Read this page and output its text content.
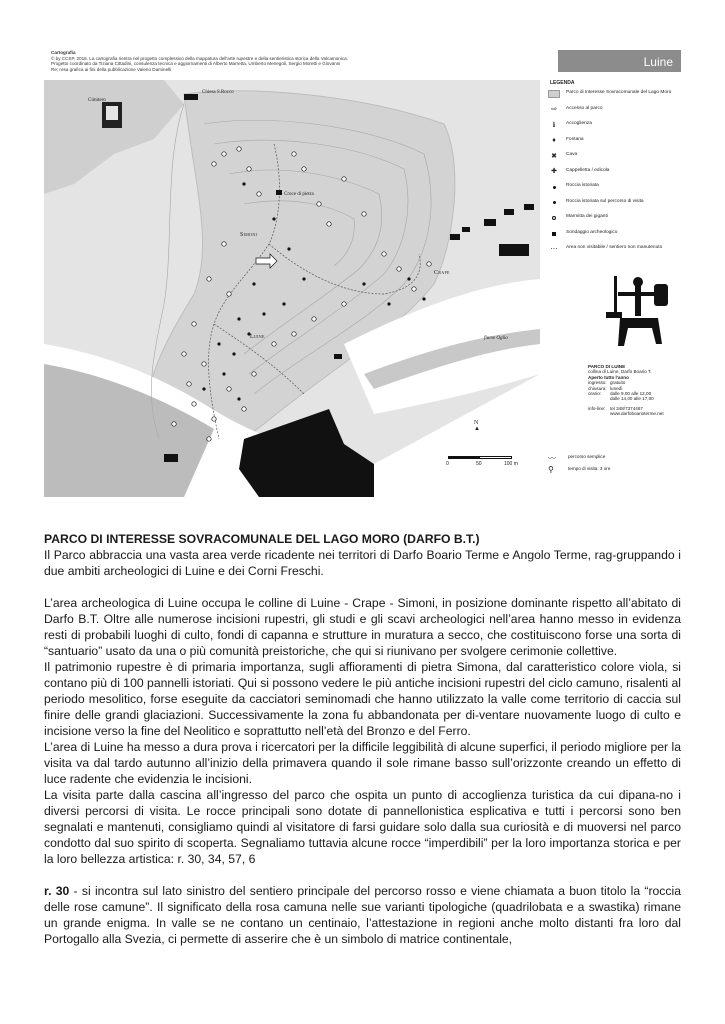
Cartografia
© by CCSP, 2016. La cartografia rientra nel progetto complessivo della mappatura dell'arte rupestre e della sentieristica storica della Valcamonica.
Progetto coordinato da Tiziana Cittadini, consulenza tecnica e aggiornamenti di Alberto Marretta, Umberto Menegoli, Sergio Moretti e Giovanni
Re; resa grafica ai fini della pubblicazione Valerio Daminelli
Cimitero
Chiesa S.Rocco
Croce di pietra
Simoni
Crape
Luine	fiume Oglio
N
▲
0	50	100 m
Luine
LEGENDA
Parco di Interesse Sovracomunale del Lago Moro
⇨	Accesso al parco
ℹ	Accoglienza
♦	Fontana
✖	Cava
✚	Cappelletta / edicola
Roccia istoriata
Roccia istoriata sul percorso di visita
Marmitta dei giganti
Sondaggio archeologico
⋯	Area non visitabile / sentiero non manutenuto
PARCO DI LUINE
collina di Luine, Darfo Boario T.
Aperto tutto l'anno
ingresso: gratuito
chiusura: lunedì
orario:	dalle 9,00 alle 12,00
dalle 14,00 alle 17,00
info-line:	tel 348/7374467
www.darfoboarioterme.net
〰	percorso semplice
⚲	tempo di visita: 3 ore

PARCO DI INTERESSE SOVRACOMUNALE DEL LAGO MORO (DARFO B.T.)

Il Parco abbraccia una vasta area verde ricadente nei territori di Darfo Boario Terme e Angolo Terme, rag-gruppando i due ambiti archeologici di Luine e dei Corni Freschi.

L’area archeologica di Luine occupa le colline di Luine - Crape - Simoni, in posizione dominante rispetto all’abitato di Darfo B.T. Oltre alle numerose incisioni rupestri, gli studi e gli scavi archeologici nell’area hanno messo in evidenza resti di probabili luoghi di culto, fondi di capanna e strutture in muratura a secco, che costituiscono forse una sorta di “santuario” usato da una o più comunità preistoriche, che qui si riunivano per svolgere cerimonie collettive.

Il patrimonio rupestre è di primaria importanza, sugli affioramenti di pietra Simona, dal caratteristico colore viola, si contano più di 100 pannelli istoriati. Qui si possono vedere le più antiche incisioni rupestri del ciclo camuno, risalenti al periodo mesolitico, forse eseguite da cacciatori seminomadi che hanno utilizzato la valle come territorio di caccia sul finire delle grandi glaciazioni. Successivamente la zona fu abbandonata per di-ventare nuovamente luogo di culto e incisione verso la fine del Neolitico e soprattutto nell’età del Bronzo e del Ferro.

L’area di Luine ha messo a dura prova i ricercatori per la difficile leggibilità di alcune superfici, il periodo migliore per la visita va dal tardo autunno all’inizio della primavera quando il sole rimane basso sull’orizzonte creando un effetto di luce radente che evidenzia le incisioni.

La visita parte dalla cascina all’ingresso del parco che ospita un punto di accoglienza turistica da cui dipana-no i diversi percorsi di visita. Le rocce principali sono dotate di pannellonistica esplicativa e tutti i percorsi sono ben segnalati e mantenuti, consigliamo quindi al visitatore di farsi guidare solo dalla sua curiosità e di muoversi nel parco condotto dal suo spirito di scoperta. Segnaliamo tuttavia alcune rocce “imperdibili” per la loro importanza storica e per la loro bellezza artistica: r. 30, 34, 57, 6

r. 30 - si incontra sul lato sinistro del sentiero principale del percorso rosso e viene chiamata a buon titolo la “roccia delle rose camune”. Il significato della rosa camuna nelle sue varianti tipologiche (quadrilobata e a swastika) rimane un grande enigma. In valle se ne contano un centinaio, l’attestazione in regioni anche molto distanti fra loro dal Portogallo alla Svezia, ci permette di asserire che è un simbolo di matrice continentale,
